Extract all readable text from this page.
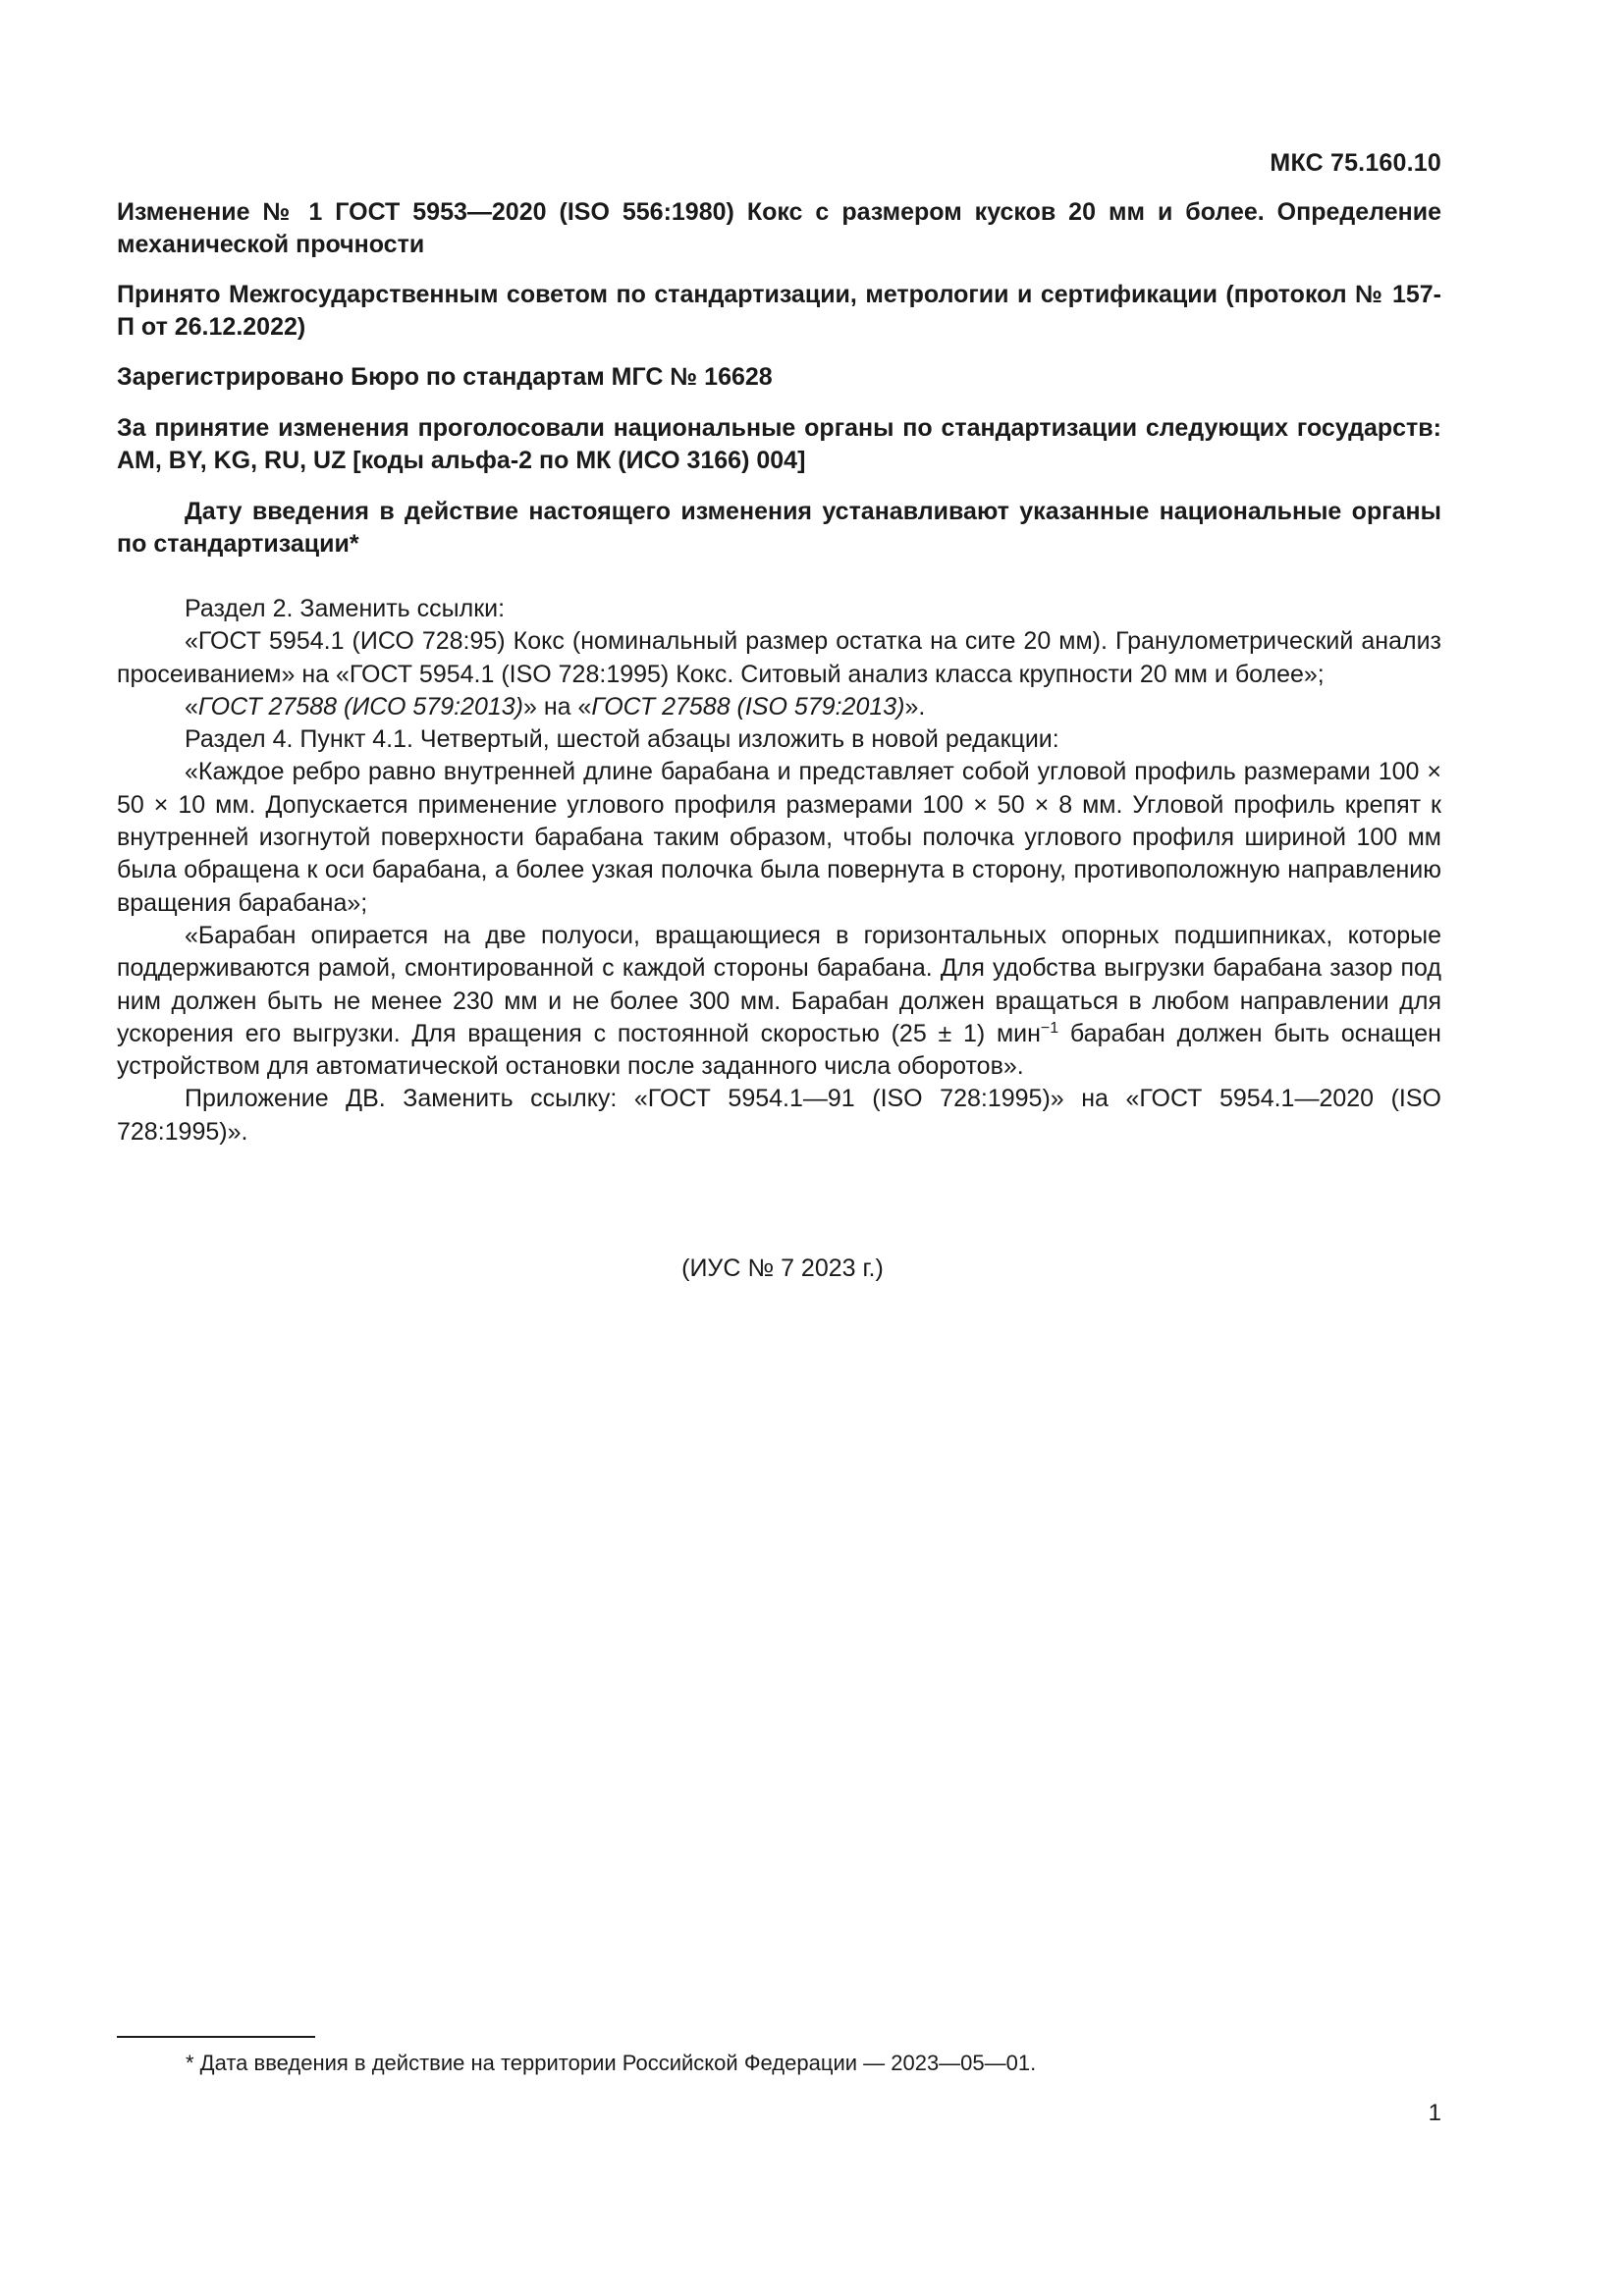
МКС 75.160.10

Изменение № 1 ГОСТ 5953—2020 (ISO 556:1980) Кокс с размером кусков 20 мм и более. Определение механической прочности

Принято Межгосударственным советом по стандартизации, метрологии и сертификации (протокол № 157-П от 26.12.2022)

Зарегистрировано Бюро по стандартам МГС № 16628

За принятие изменения проголосовали национальные органы по стандартизации следующих государств: AM, BY, KG, RU, UZ [коды альфа-2 по МК (ИСО 3166) 004]

Дату введения в действие настоящего изменения устанавливают указанные национальные органы по стандартизации*

Раздел 2. Заменить ссылки:

«ГОСТ 5954.1 (ИСО 728:95) Кокс (номинальный размер остатка на сите 20 мм). Гранулометрический анализ просеиванием» на «ГОСТ 5954.1 (ISO 728:1995) Кокс. Ситовый анализ класса крупности 20 мм и более»;

«ГОСТ 27588 (ИСО 579:2013)» на «ГОСТ 27588 (ISO 579:2013)».

Раздел 4. Пункт 4.1. Четвертый, шестой абзацы изложить в новой редакции:

«Каждое ребро равно внутренней длине барабана и представляет собой угловой профиль размерами 100 × 50 × 10 мм. Допускается применение углового профиля размерами 100 × 50 × 8 мм. Угловой профиль крепят к внутренней изогнутой поверхности барабана таким образом, чтобы полочка углового профиля шириной 100 мм была обращена к оси барабана, а более узкая полочка была повернута в сторону, противоположную направлению вращения барабана»;

«Барабан опирается на две полуоси, вращающиеся в горизонтальных опорных подшипниках, которые поддерживаются рамой, смонтированной с каждой стороны барабана. Для удобства выгрузки барабана зазор под ним должен быть не менее 230 мм и не более 300 мм. Барабан должен вращаться в любом направлении для ускорения его выгрузки. Для вращения с постоянной скоростью (25 ± 1) мин$^{-1}$ барабан должен быть оснащен устройством для автоматической остановки после заданного числа оборотов».

Приложение ДВ. Заменить ссылку: «ГОСТ 5954.1—91 (ISO 728:1995)» на «ГОСТ 5954.1—2020 (ISO 728:1995)».

(ИУС № 7 2023 г.)
* Дата введения в действие на территории Российской Федерации — 2023—05—01.
1
